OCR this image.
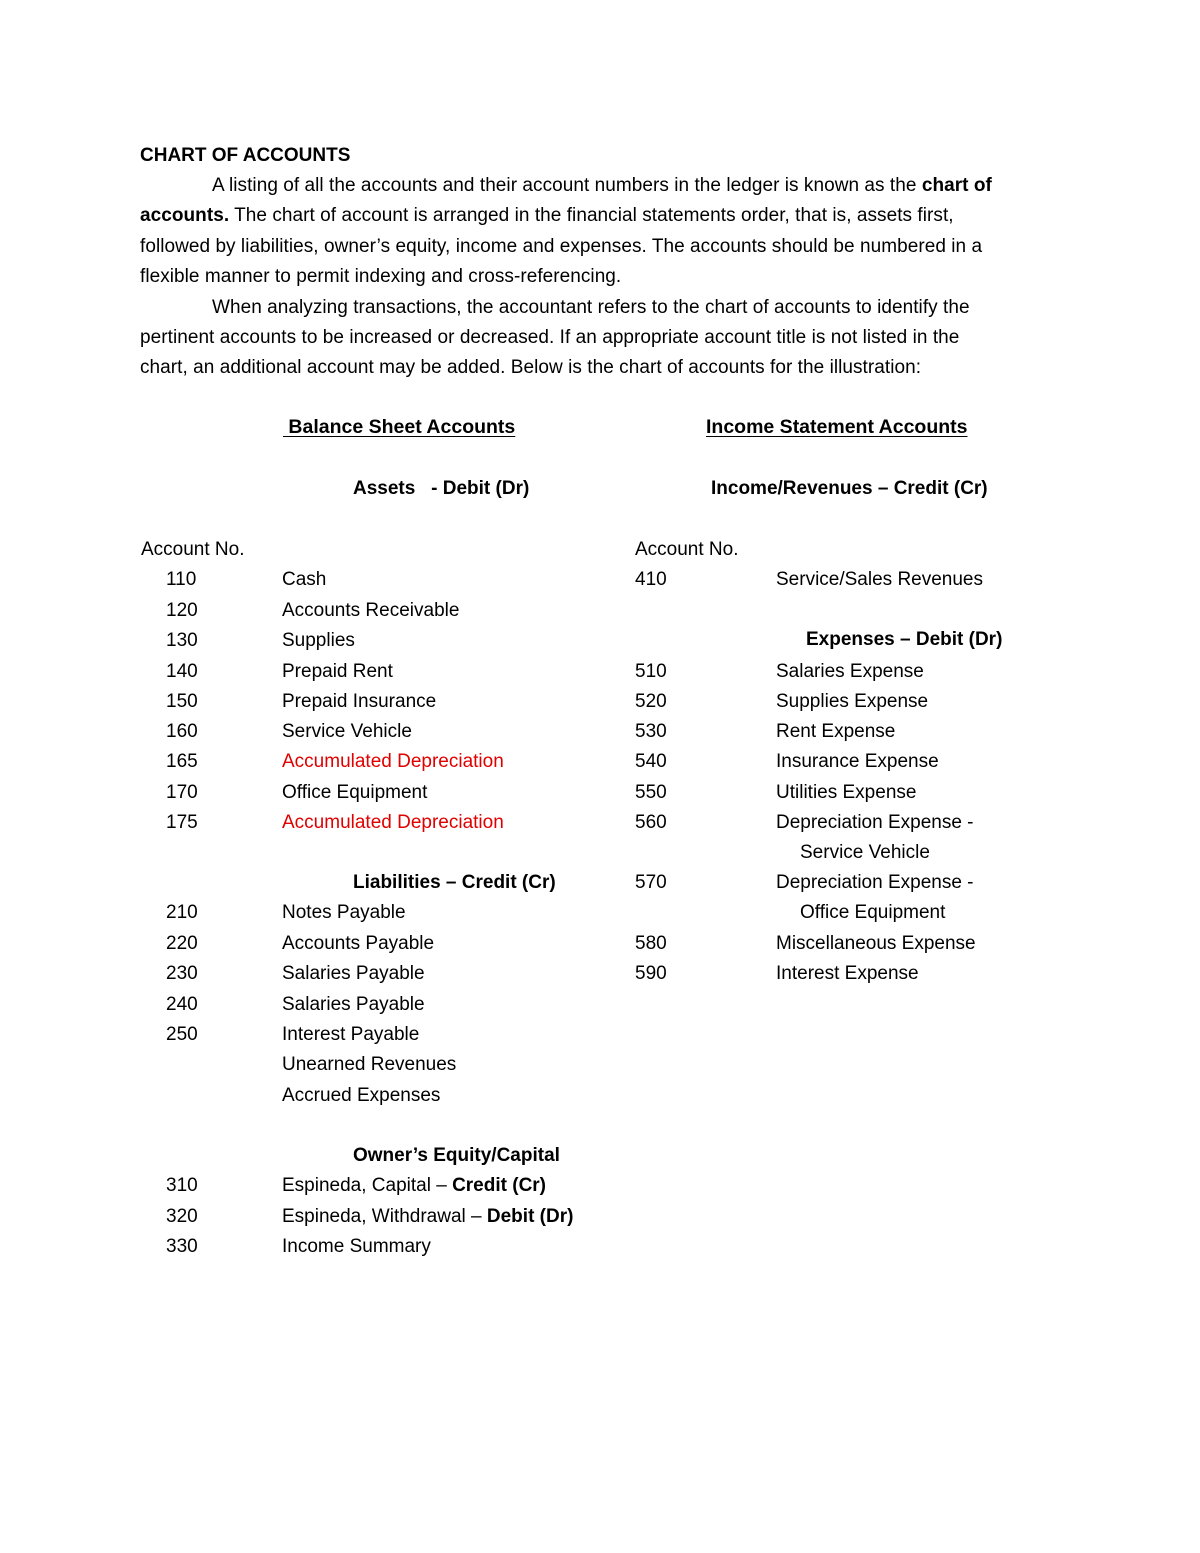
CHART OF ACCOUNTS
A listing of all the accounts and their account numbers in the ledger is known as the chart of
accounts. The chart of account is arranged in the financial statements order, that is, assets first,
followed by liabilities, owner’s equity, income and expenses. The accounts should be numbered in a
flexible manner to permit indexing and cross-referencing.
When analyzing transactions, the accountant refers to the chart of accounts to identify the
pertinent accounts to be increased or decreased. If an appropriate account title is not listed in the
chart, an additional account may be added. Below is the chart of accounts for the illustration:
Balance Sheet Accounts	Income Statement Accounts
Assets   - Debit (Dr)	Income/Revenues – Credit (Cr)
Account No.	Account No.
110	Cash
120	Accounts Receivable
130	Supplies
140	Prepaid Rent
150	Prepaid Insurance
160	Service Vehicle
165	Accumulated Depreciation
170	Office Equipment
175	Accumulated Depreciation
Liabilities – Credit (Cr)
210	Notes Payable
220	Accounts Payable
230	Salaries Payable
240	Salaries Payable
250	Interest Payable
Unearned Revenues
Accrued Expenses
Owner’s Equity/Capital
310	Espineda, Capital – Credit (Cr)
320	Espineda, Withdrawal – Debit (Dr)
330	Income Summary
410	Service/Sales Revenues
Expenses – Debit (Dr)
510	Salaries Expense
520	Supplies Expense
530	Rent Expense
540	Insurance Expense
550	Utilities Expense
560	Depreciation Expense -
Service Vehicle
570	Depreciation Expense -
Office Equipment
580	Miscellaneous Expense
590	Interest Expense
